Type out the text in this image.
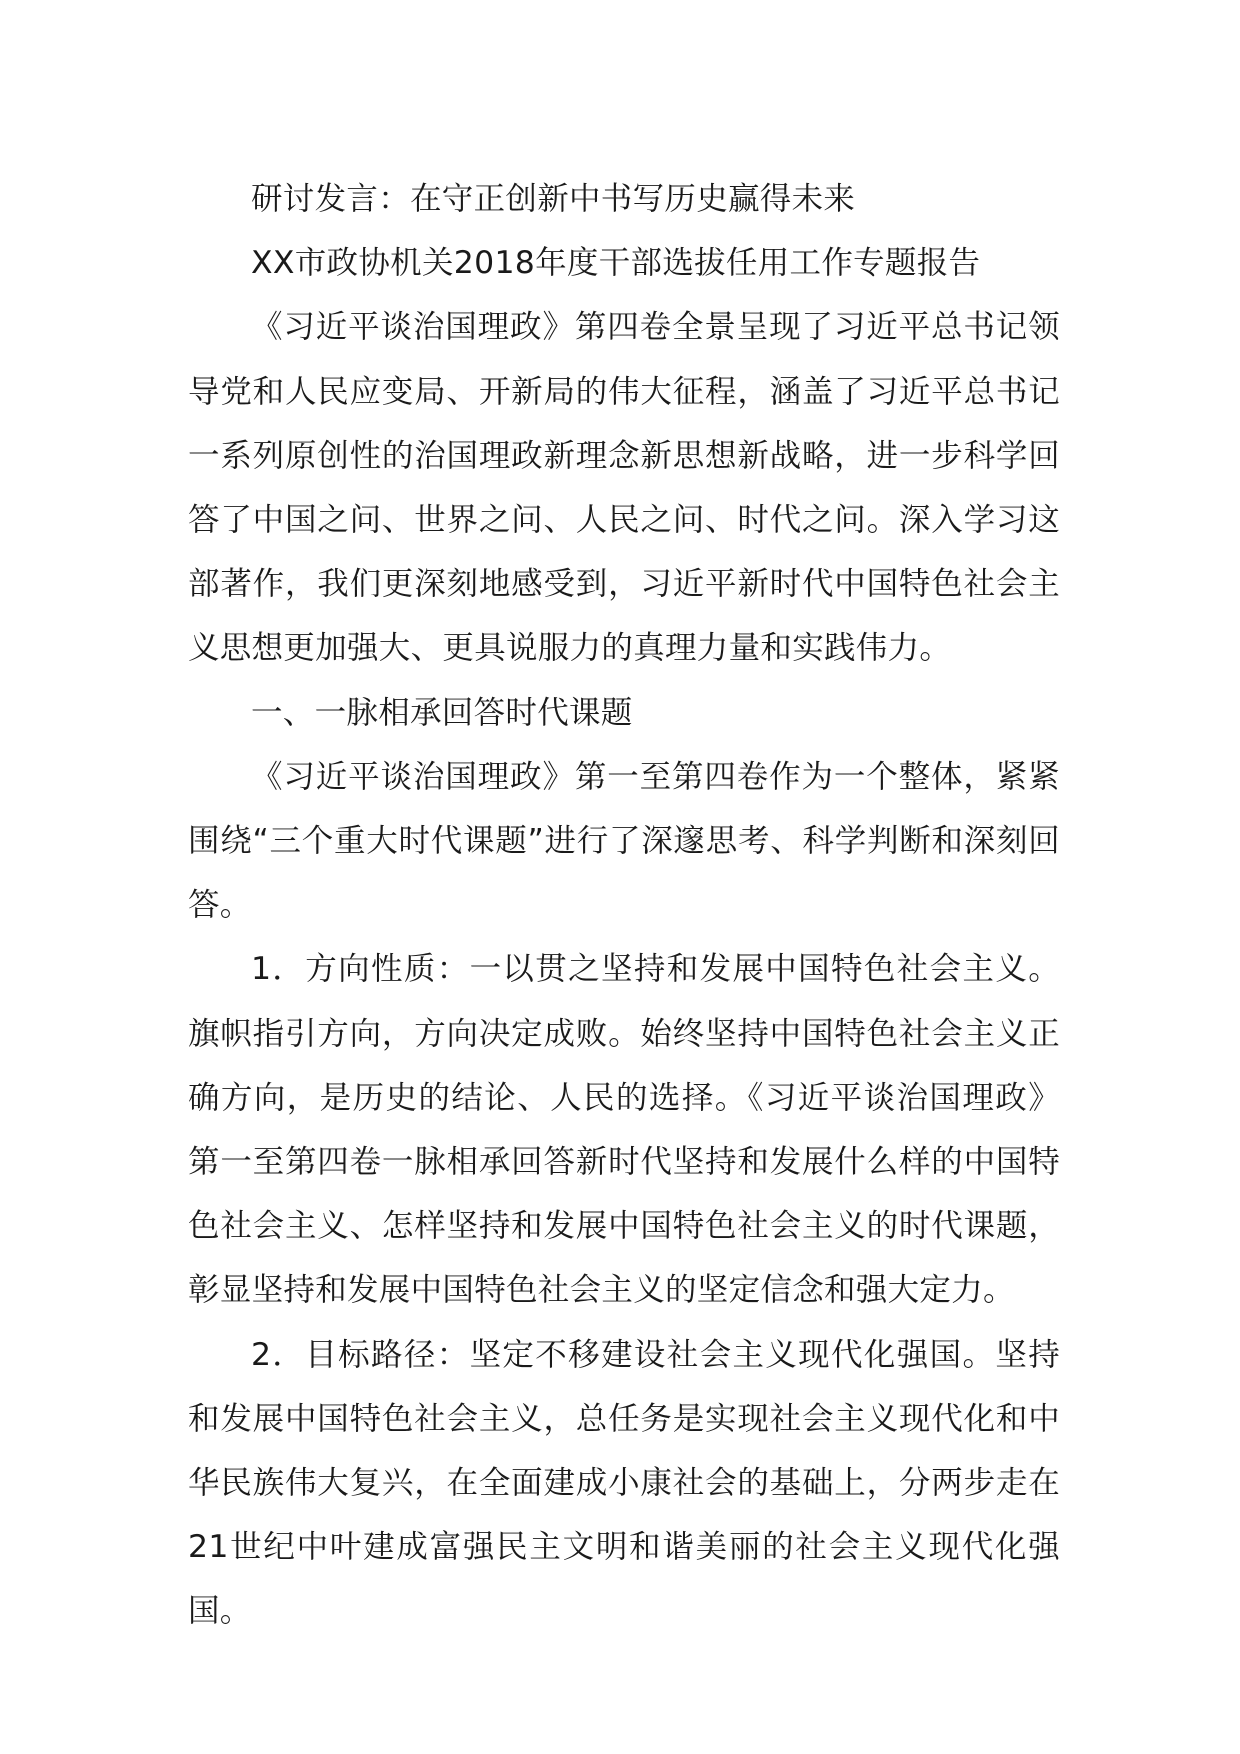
研讨发言：在守正创新中书写历史赢得未来

XX市政协机关2018年度干部选拔任用工作专题报告

《习近平谈治国理政》第四卷全景呈现了习近平总书记领导党和人民应变局、开新局的伟大征程，涵盖了习近平总书记一系列原创性的治国理政新理念新思想新战略，进一步科学回答了中国之问、世界之问、人民之问、时代之问。深入学习这部著作，我们更深刻地感受到，习近平新时代中国特色社会主义思想更加强大、更具说服力的真理力量和实践伟力。

一、一脉相承回答时代课题

《习近平谈治国理政》第一至第四卷作为一个整体，紧紧围绕“三个重大时代课题”进行了深邃思考、科学判断和深刻回答。

1．方向性质：一以贯之坚持和发展中国特色社会主义。旗帜指引方向，方向决定成败。始终坚持中国特色社会主义正确方向，是历史的结论、人民的选择。《习近平谈治国理政》第一至第四卷一脉相承回答新时代坚持和发展什么样的中国特色社会主义、怎样坚持和发展中国特色社会主义的时代课题，彰显坚持和发展中国特色社会主义的坚定信念和强大定力。

2．目标路径：坚定不移建设社会主义现代化强国。坚持和发展中国特色社会主义，总任务是实现社会主义现代化和中华民族伟大复兴，在全面建成小康社会的基础上，分两步走在21世纪中叶建成富强民主文明和谐美丽的社会主义现代化强国。
